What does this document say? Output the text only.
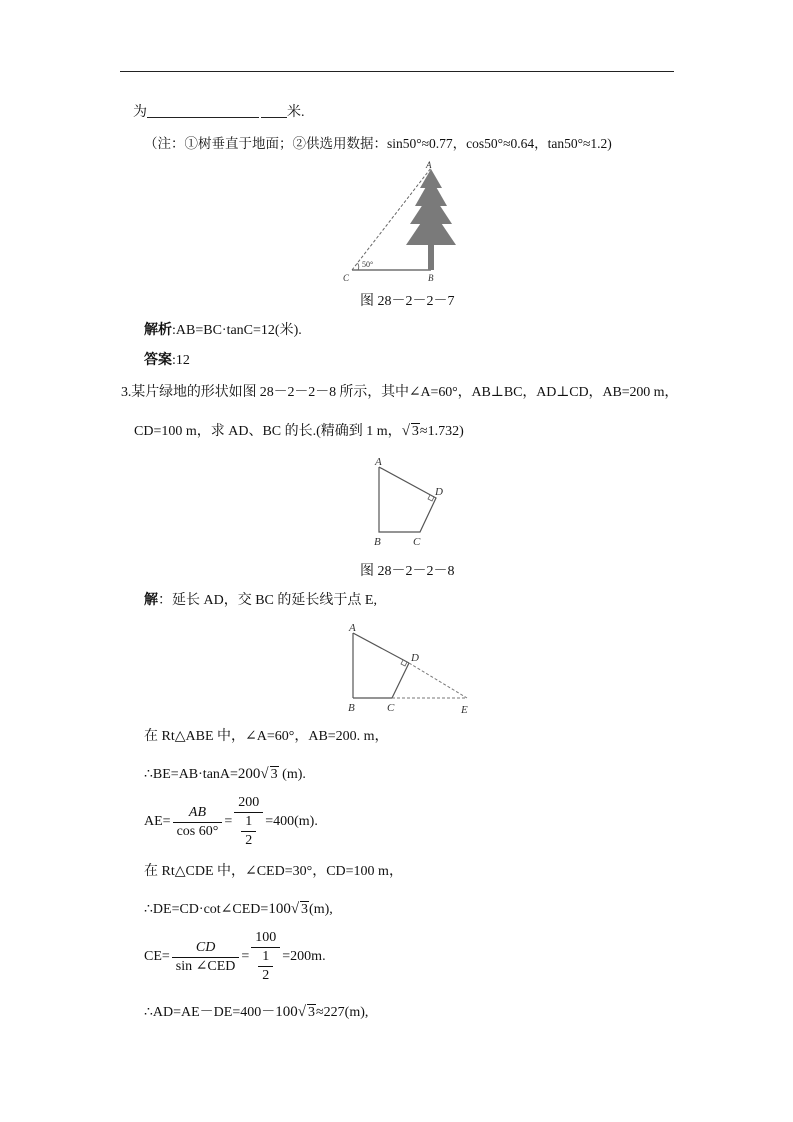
为	米.
（注：①树垂直于地面；②供选用数据：sin50°≈0.77，cos50°≈0.64，tan50°≈1.2)
A
B
C
50°
图 28－2－2－7
解析:AB=BC·tanC=12(米).
答案:12
3.某片绿地的形状如图 28－2－2－8 所示，其中∠A=60°，AB⊥BC，AD⊥CD，AB=200 m，
CD=100 m，求 AD、BC 的长.(精确到 1 m，√ 3≈1.732)
A
B	C
D
图 28－2－2－8
解：延长 AD，交 BC 的延长线于点 E,
A
B	C
D
E
在 Rt△ABE 中，∠A=60°，AB=200. m，
∴BE=AB·tanA=200√ 3 (m).
$AE= \frac{AB}{\cos 60^\circ} = \frac{200}{\frac{1}{2}} =400(m)$.
在 Rt△CDE 中，∠CED=30°，CD=100 m，
∴DE=CD·cot∠CED=100√ 3(m),
$CE= \frac{CD}{\text{sin ∠CED}} = \frac{100}{\frac{1}{2}} =200m$.
∴AD=AE－DE=400－100√ 3≈227(m),
